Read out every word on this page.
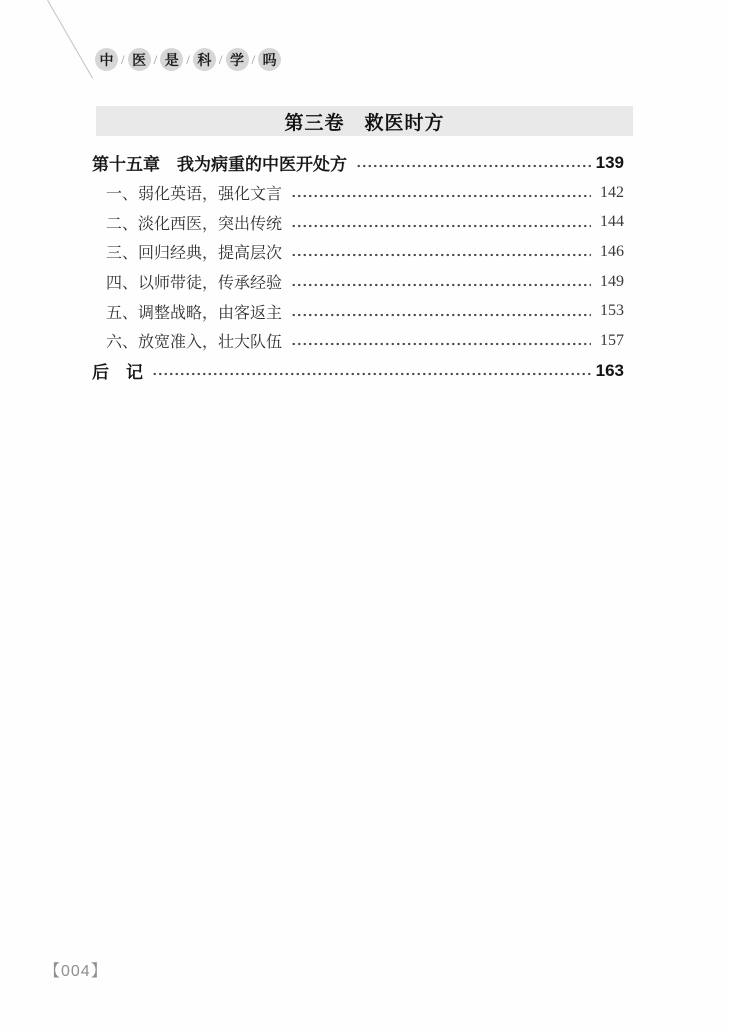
中 / 医 / 是 / 科 / 学 / 吗
第三卷　救医时方
第十五章　我为病重的中医开处方	139
一、弱化英语，强化文言	142
二、淡化西医，突出传统	144
三、回归经典，提高层次	146
四、以师带徒，传承经验	149
五、调整战略，由客返主	153
六、放宽准入，壮大队伍	157
后　记	163
【004】
